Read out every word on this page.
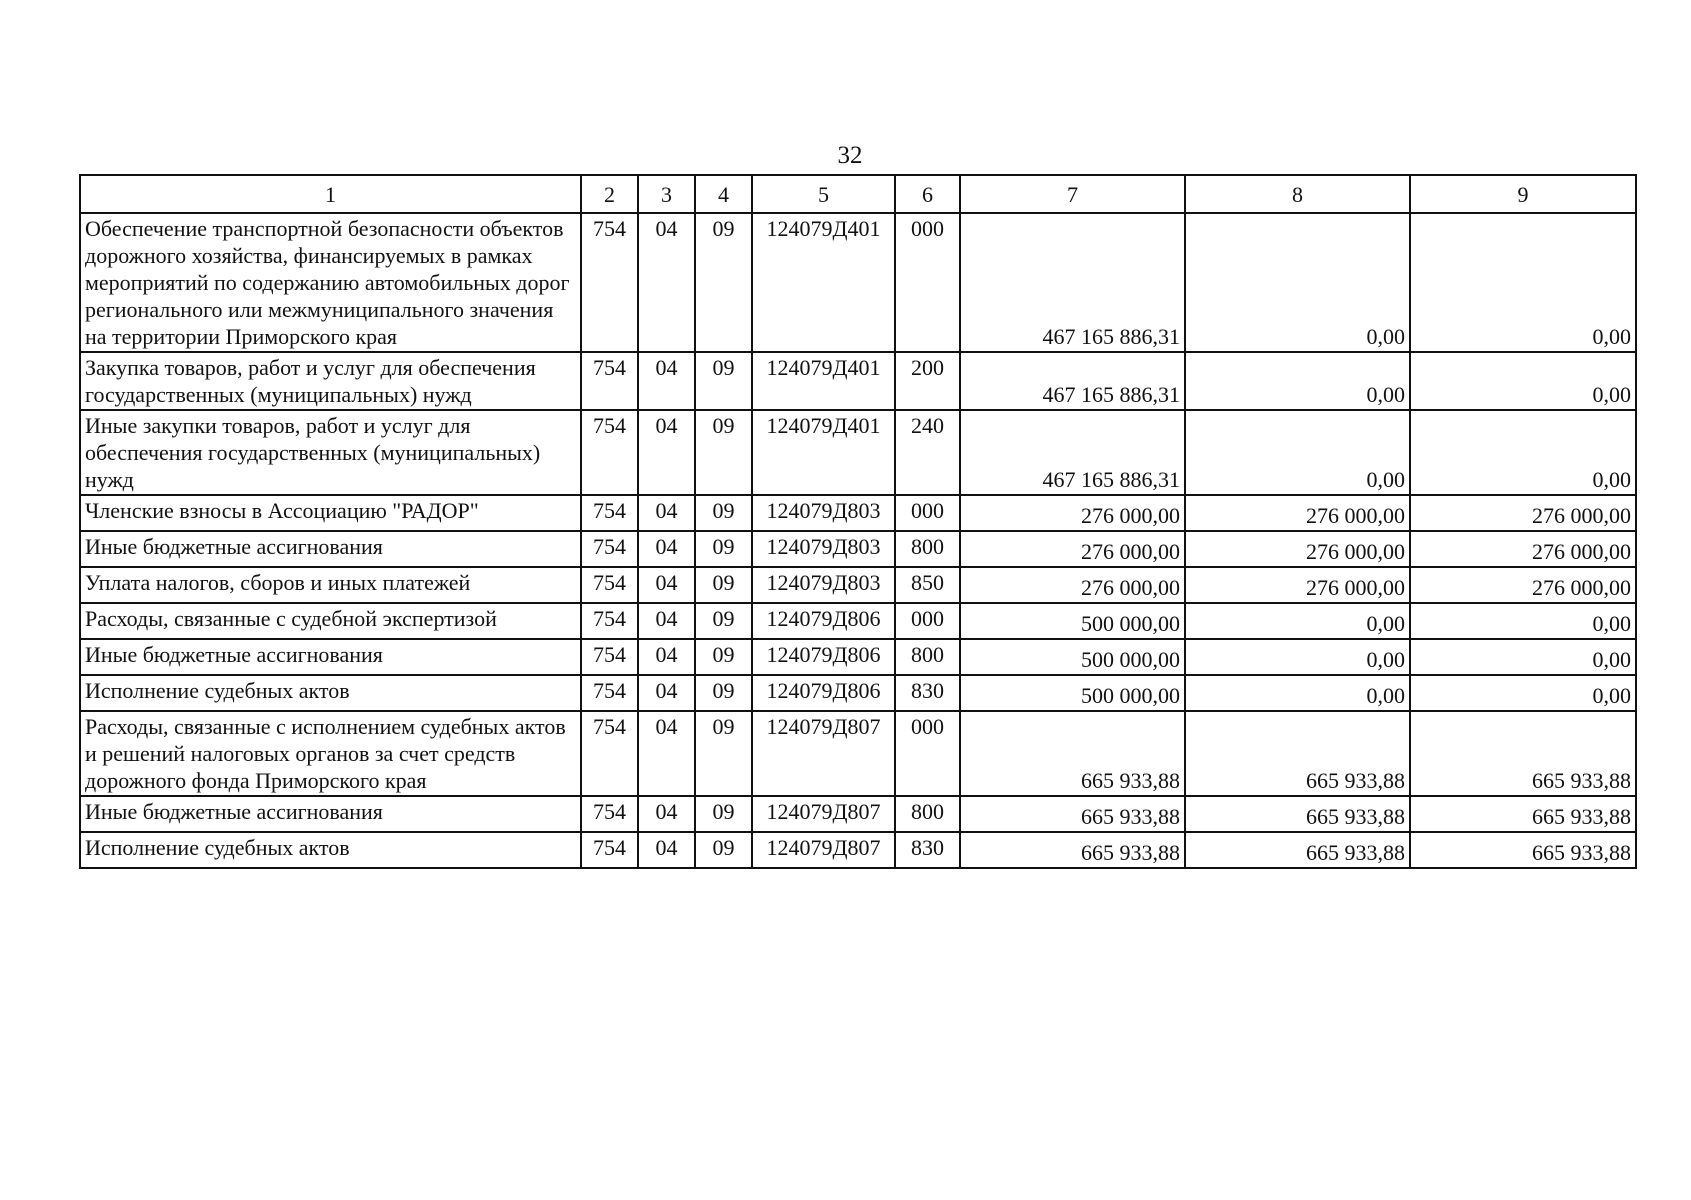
32
1	2	3	4	5	6	7	8	9
Обеспечение транспортной безопасности объектов дорожного хозяйства, финансируемых в рамках мероприятий по содержанию автомобильных дорог регионального или межмуниципального значения на территории Приморского края	754	04	09	124079Д401	000	467 165 886,31	0,00	0,00
Закупка товаров, работ и услуг для обеспечения государственных (муниципальных) нужд	754	04	09	124079Д401	200	467 165 886,31	0,00	0,00
Иные закупки товаров, работ и услуг для обеспечения государственных (муниципальных) нужд	754	04	09	124079Д401	240	467 165 886,31	0,00	0,00
Членские взносы в Ассоциацию "РАДОР"	754	04	09	124079Д803	000	276 000,00	276 000,00	276 000,00
Иные бюджетные ассигнования	754	04	09	124079Д803	800	276 000,00	276 000,00	276 000,00
Уплата налогов, сборов и иных платежей	754	04	09	124079Д803	850	276 000,00	276 000,00	276 000,00
Расходы, связанные с судебной экспертизой	754	04	09	124079Д806	000	500 000,00	0,00	0,00
Иные бюджетные ассигнования	754	04	09	124079Д806	800	500 000,00	0,00	0,00
Исполнение судебных актов	754	04	09	124079Д806	830	500 000,00	0,00	0,00
Расходы, связанные с исполнением судебных актов и решений налоговых органов за счет средств дорожного фонда Приморского края	754	04	09	124079Д807	000	665 933,88	665 933,88	665 933,88
Иные бюджетные ассигнования	754	04	09	124079Д807	800	665 933,88	665 933,88	665 933,88
Исполнение судебных актов	754	04	09	124079Д807	830	665 933,88	665 933,88	665 933,88
